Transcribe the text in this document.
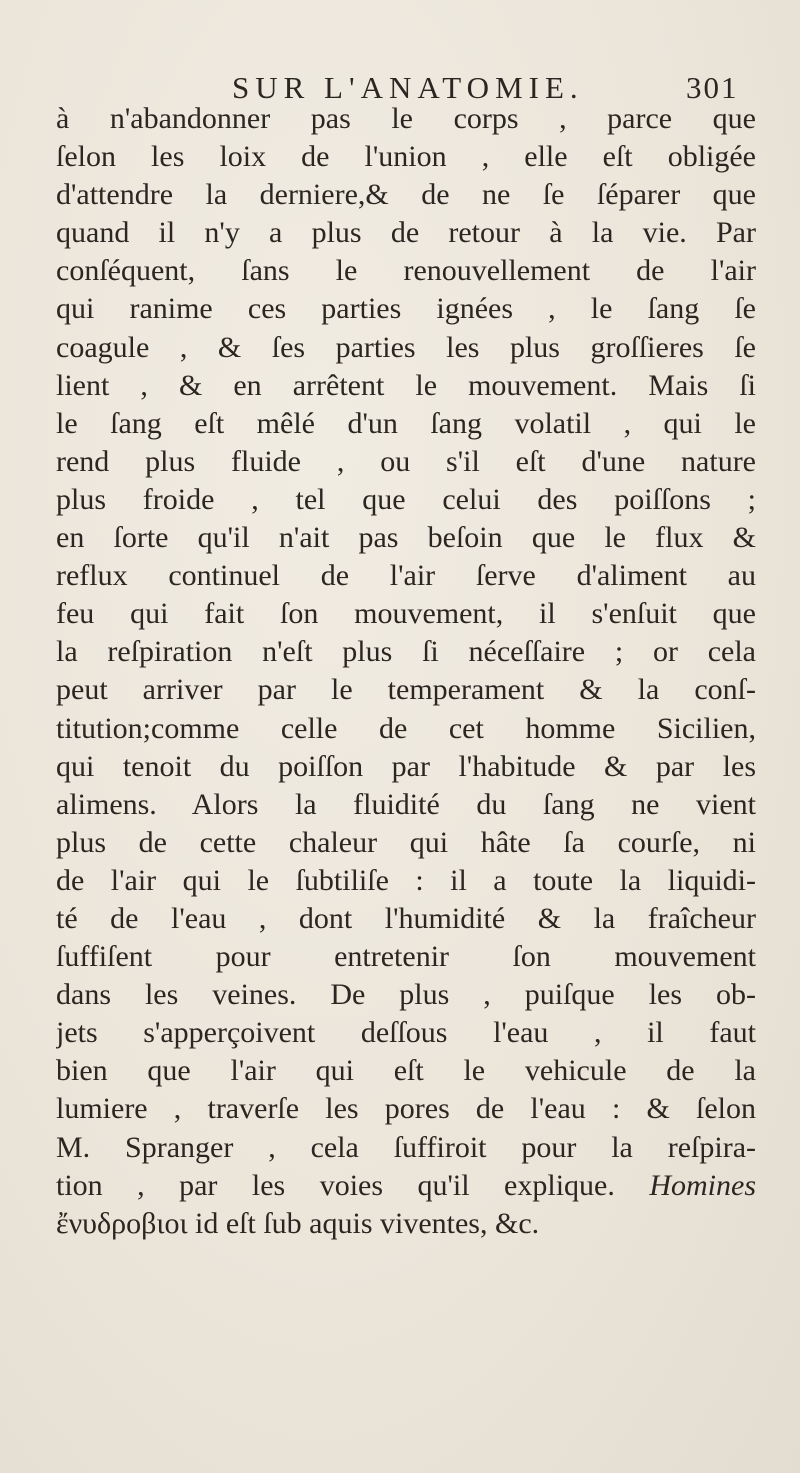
SUR L'ANATOMIE.	301
à n'abandonner pas le corps , parce que
ſelon les loix de l'union , elle eſt obligée
d'attendre la derniere,& de ne ſe ſéparer que
quand il n'y a plus de retour à la vie. Par
conſéquent, ſans le renouvellement de l'air
qui ranime ces parties ignées , le ſang ſe
coagule , & ſes parties les plus groſſieres ſe
lient , & en arrêtent le mouvement. Mais ſi
le ſang eſt mêlé d'un ſang volatil , qui le
rend plus fluide , ou s'il eſt d'une nature
plus froide , tel que celui des poiſſons ;
en ſorte qu'il n'ait pas beſoin que le flux &
reflux continuel de l'air ſerve d'aliment au
feu qui fait ſon mouvement, il s'enſuit que
la reſpiration n'eſt plus ſi néceſſaire ; or cela
peut arriver par le temperament & la conſ-
titution;comme celle de cet homme Sicilien,
qui tenoit du poiſſon par l'habitude & par les
alimens. Alors la fluidité du ſang ne vient
plus de cette chaleur qui hâte ſa courſe, ni
de l'air qui le ſubtiliſe : il a toute la liquidi-
té de l'eau , dont l'humidité & la fraîcheur
ſuffiſent pour entretenir ſon mouvement
dans les veines. De plus , puiſque les ob-
jets s'apperçoivent deſſous l'eau , il faut
bien que l'air qui eſt le vehicule de la
lumiere , traverſe les pores de l'eau : & ſelon
M. Spranger , cela ſuffiroit pour la reſpira-
tion , par les voies qu'il explique. Homines
ἔνυδροβιοι id eſt ſub aquis viventes, &c.
